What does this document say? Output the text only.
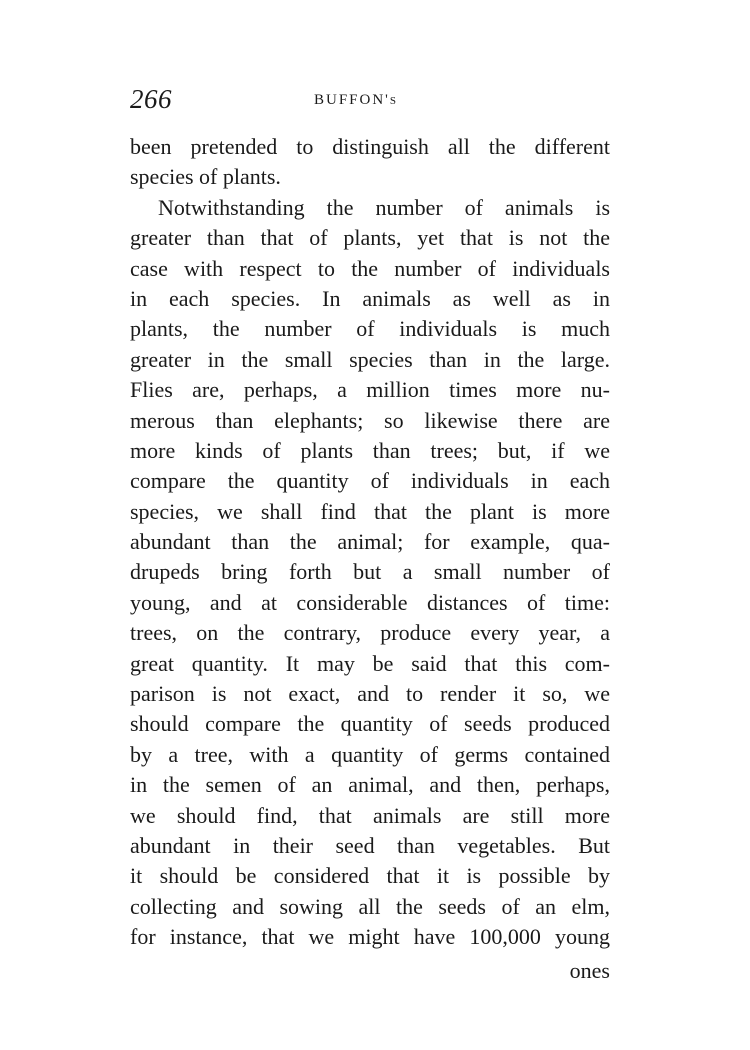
266	BUFFON's
been pretended to distinguish all the different
species of plants.
Notwithstanding the number of animals is
greater than that of plants, yet that is not the
case with respect to the number of individuals
in each species. In animals as well as in
plants, the number of individuals is much
greater in the small species than in the large.
Flies are, perhaps, a million times more nu-
merous than elephants; so likewise there are
more kinds of plants than trees; but, if we
compare the quantity of individuals in each
species, we shall find that the plant is more
abundant than the animal; for example, qua-
drupeds bring forth but a small number of
young, and at considerable distances of time:
trees, on the contrary, produce every year, a
great quantity. It may be said that this com-
parison is not exact, and to render it so, we
should compare the quantity of seeds produced
by a tree, with a quantity of germs contained
in the semen of an animal, and then, perhaps,
we should find, that animals are still more
abundant in their seed than vegetables. But
it should be considered that it is possible by
collecting and sowing all the seeds of an elm,
for instance, that we might have 100,000 young
ones
